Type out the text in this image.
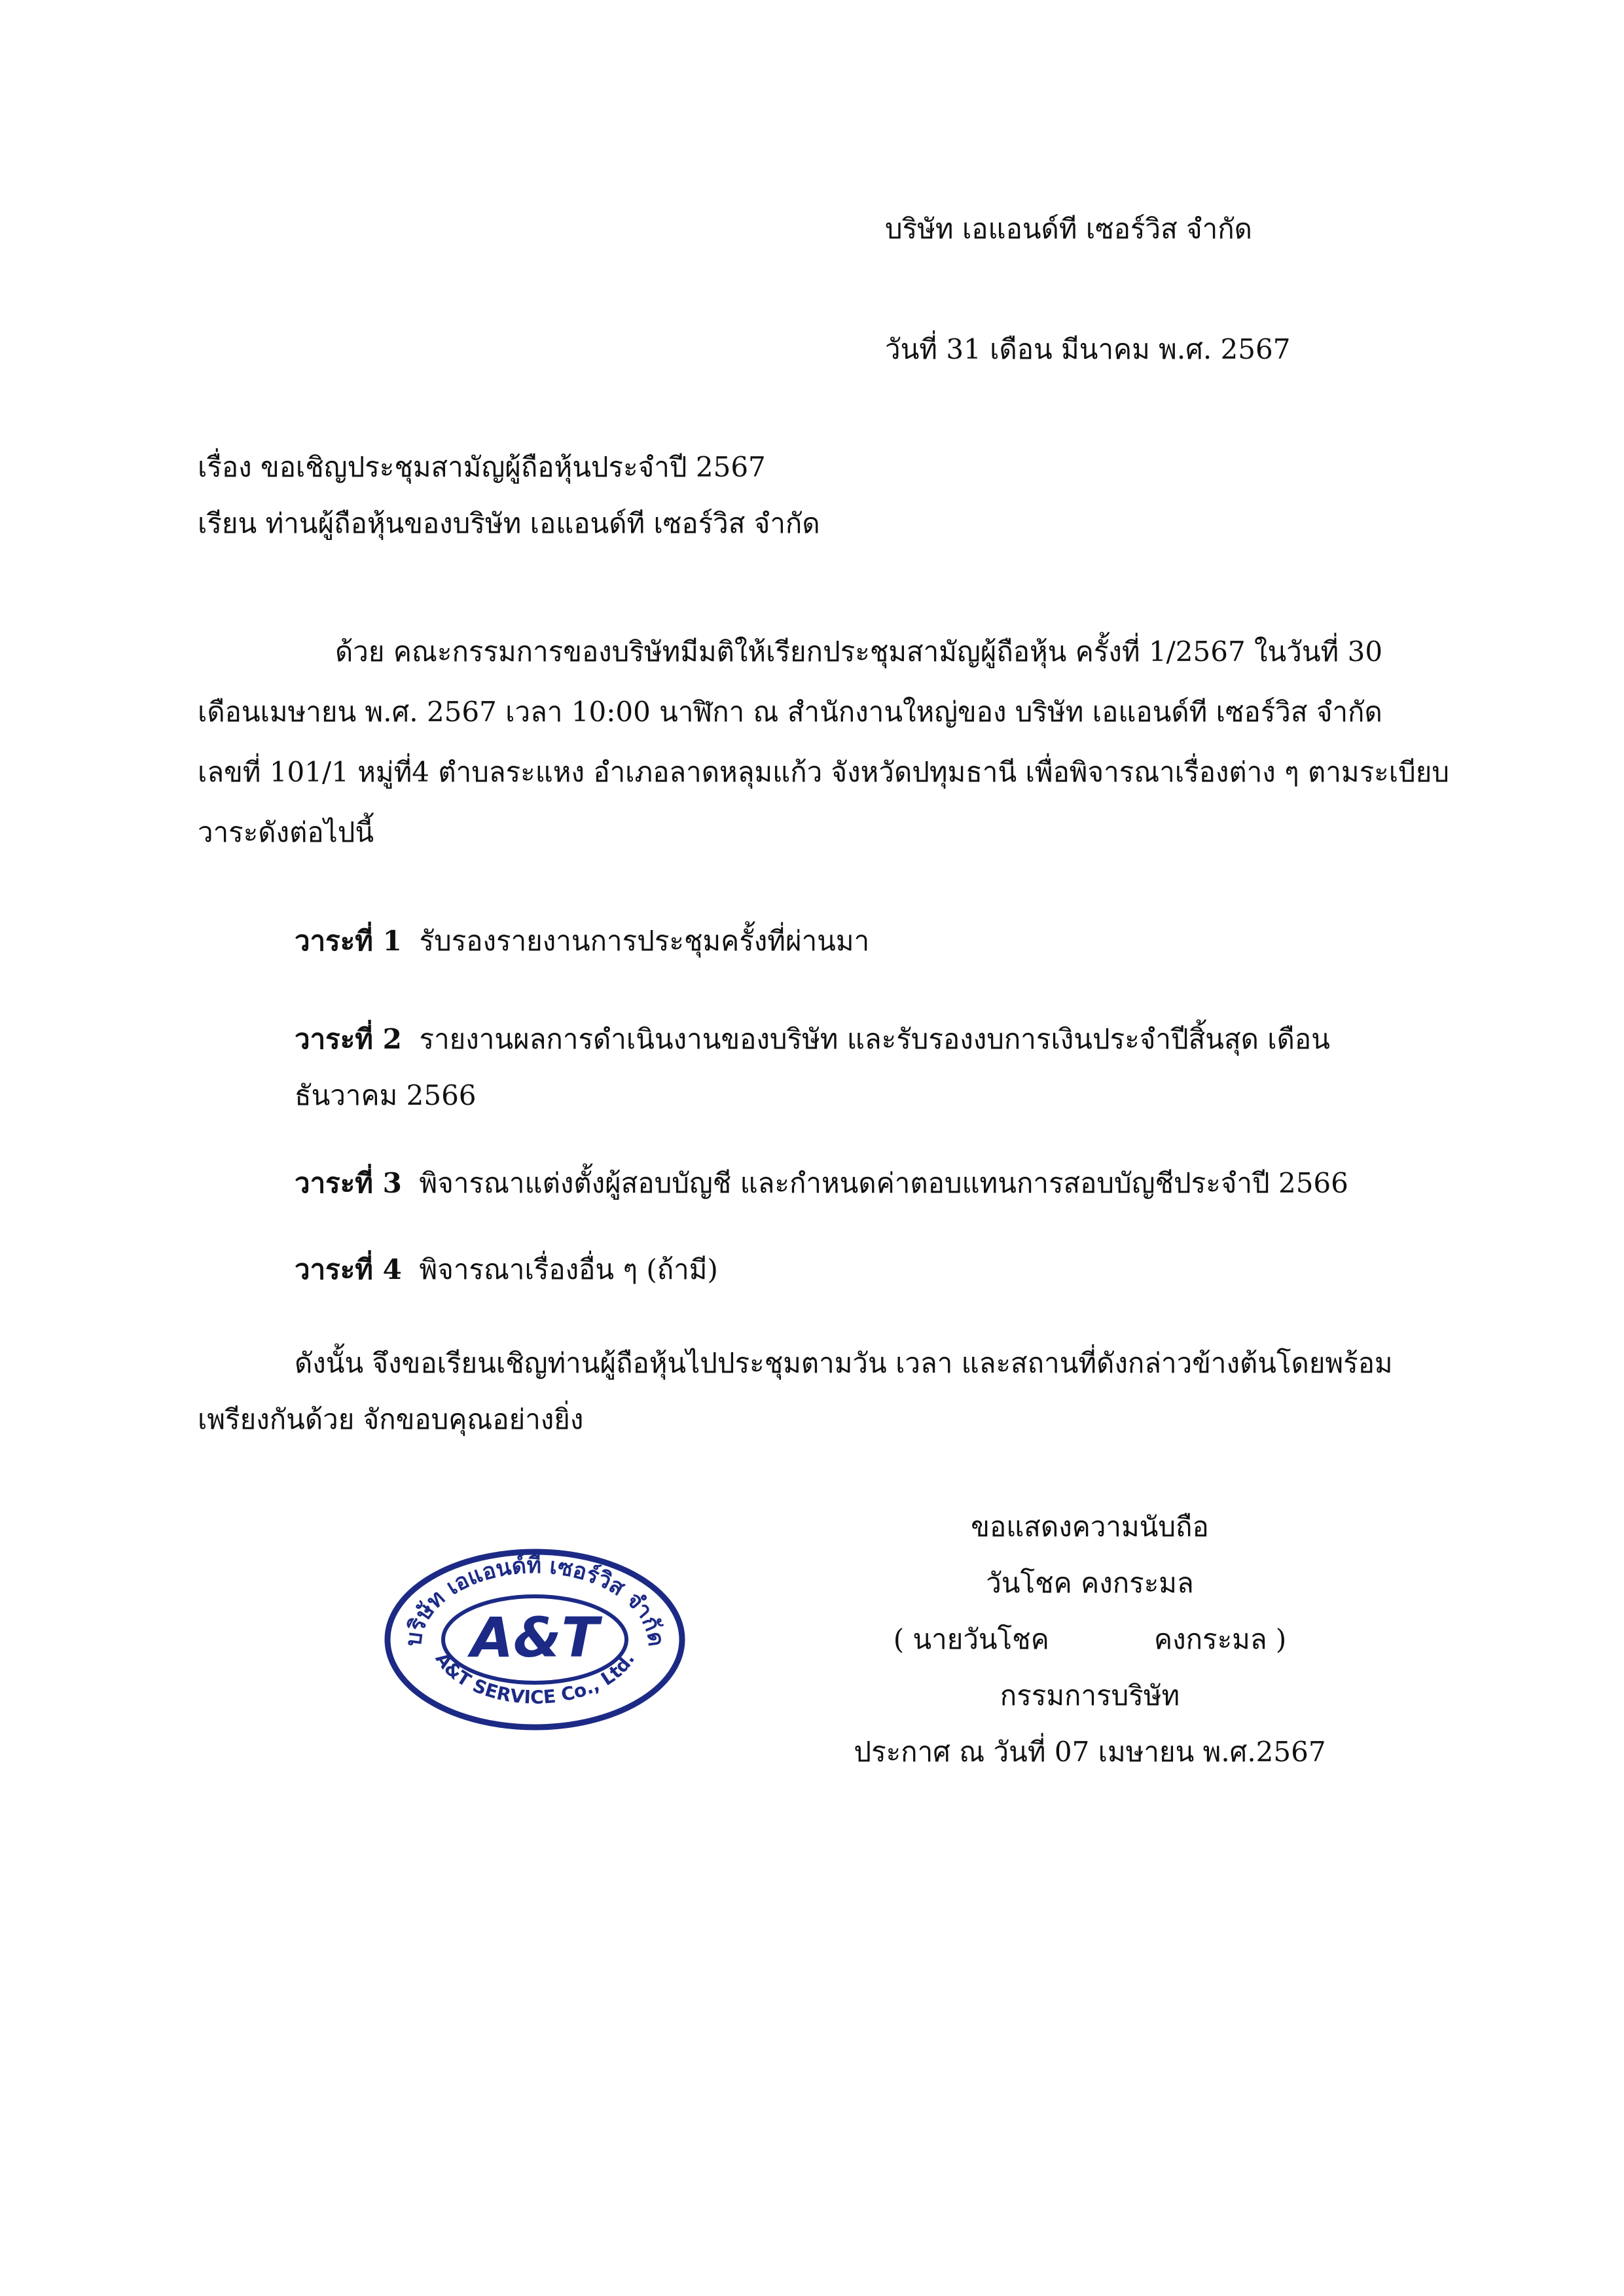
บริษัท เอแอนด์ที เซอร์วิส จำกัด
วันที่ 31 เดือน มีนาคม พ.ศ. 2567
เรื่อง ขอเชิญประชุมสามัญผู้ถือหุ้นประจำปี 2567
เรียน ท่านผู้ถือหุ้นของบริษัท เอแอนด์ที เซอร์วิส จำกัด
ด้วย คณะกรรมการของบริษัทมีมติให้เรียกประชุมสามัญผู้ถือหุ้น ครั้งที่ 1/2567 ในวันที่ 30
เดือนเมษายน พ.ศ. 2567 เวลา 10:00 นาฬิกา ณ สำนักงานใหญ่ของ บริษัท เอแอนด์ที เซอร์วิส จำกัด
เลขที่ 101/1 หมู่ที่4 ตำบลระแหง อำเภอลาดหลุมแก้ว จังหวัดปทุมธานี เพื่อพิจารณาเรื่องต่าง ๆ ตามระเบียบ
วาระดังต่อไปนี้
วาระที่ 1 รับรองรายงานการประชุมครั้งที่ผ่านมา
วาระที่ 2 รายงานผลการดำเนินงานของบริษัท และรับรองงบการเงินประจำปีสิ้นสุด เดือน
ธันวาคม 2566
วาระที่ 3 พิจารณาแต่งตั้งผู้สอบบัญชี และกำหนดค่าตอบแทนการสอบบัญชีประจำปี 2566
วาระที่ 4 พิจารณาเรื่องอื่น ๆ (ถ้ามี)
ดังนั้น จึงขอเรียนเชิญท่านผู้ถือหุ้นไปประชุมตามวัน เวลา และสถานที่ดังกล่าวข้างต้นโดยพร้อม
เพรียงกันด้วย จักขอบคุณอย่างยิ่ง
บริษัท เอแอนด์ที เซอร์วิส จำกัด
A&T
A&T SERVICE Co., Ltd.
ขอแสดงความนับถือ
วันโชค คงกระมล
( นายวันโชค            คงกระมล )
กรรมการบริษัท
ประกาศ ณ วันที่ 07 เมษายน พ.ศ.2567
